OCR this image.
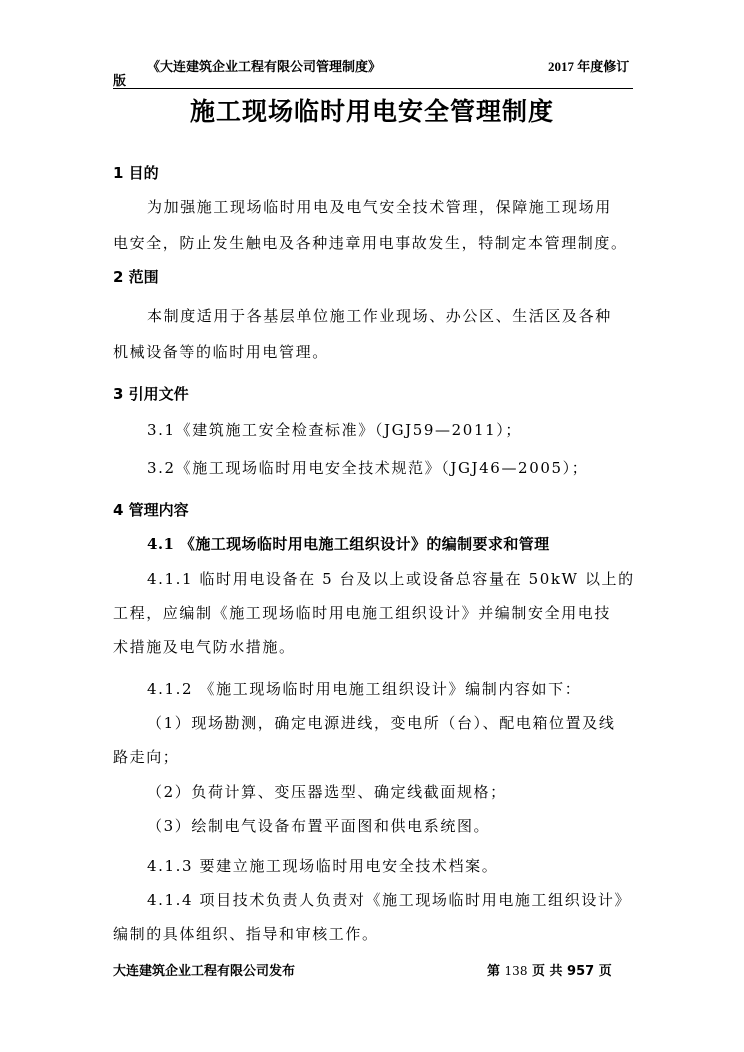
《大连建筑企业工程有限公司管理制度》	2017 年度修订
版
施工现场临时用电安全管理制度
1 目的
为加强施工现场临时用电及电气安全技术管理，保障施工现场用
电安全，防止发生触电及各种违章用电事故发生，特制定本管理制度。
2 范围
本制度适用于各基层单位施工作业现场、办公区、生活区及各种
机械设备等的临时用电管理。
3 引用文件
3.1《建筑施工安全检查标准》（JGJ59—2011）；
3.2《施工现场临时用电安全技术规范》（JGJ46—2005）；
4 管理内容
4.1 《施工现场临时用电施工组织设计》的编制要求和管理
4.1.1 临时用电设备在 5 台及以上或设备总容量在 50kW 以上的
工程，应编制《施工现场临时用电施工组织设计》并编制安全用电技
术措施及电气防水措施。
4.1.2 《施工现场临时用电施工组织设计》编制内容如下：
（1）现场勘测，确定电源进线，变电所（台）、配电箱位置及线
路走向；
（2）负荷计算、变压器选型、确定线截面规格；
（3）绘制电气设备布置平面图和供电系统图。
4.1.3 要建立施工现场临时用电安全技术档案。
4.1.4 项目技术负责人负责对《施工现场临时用电施工组织设计》
编制的具体组织、指导和审核工作。
大连建筑企业工程有限公司发布	第 138 页 共 957 页
